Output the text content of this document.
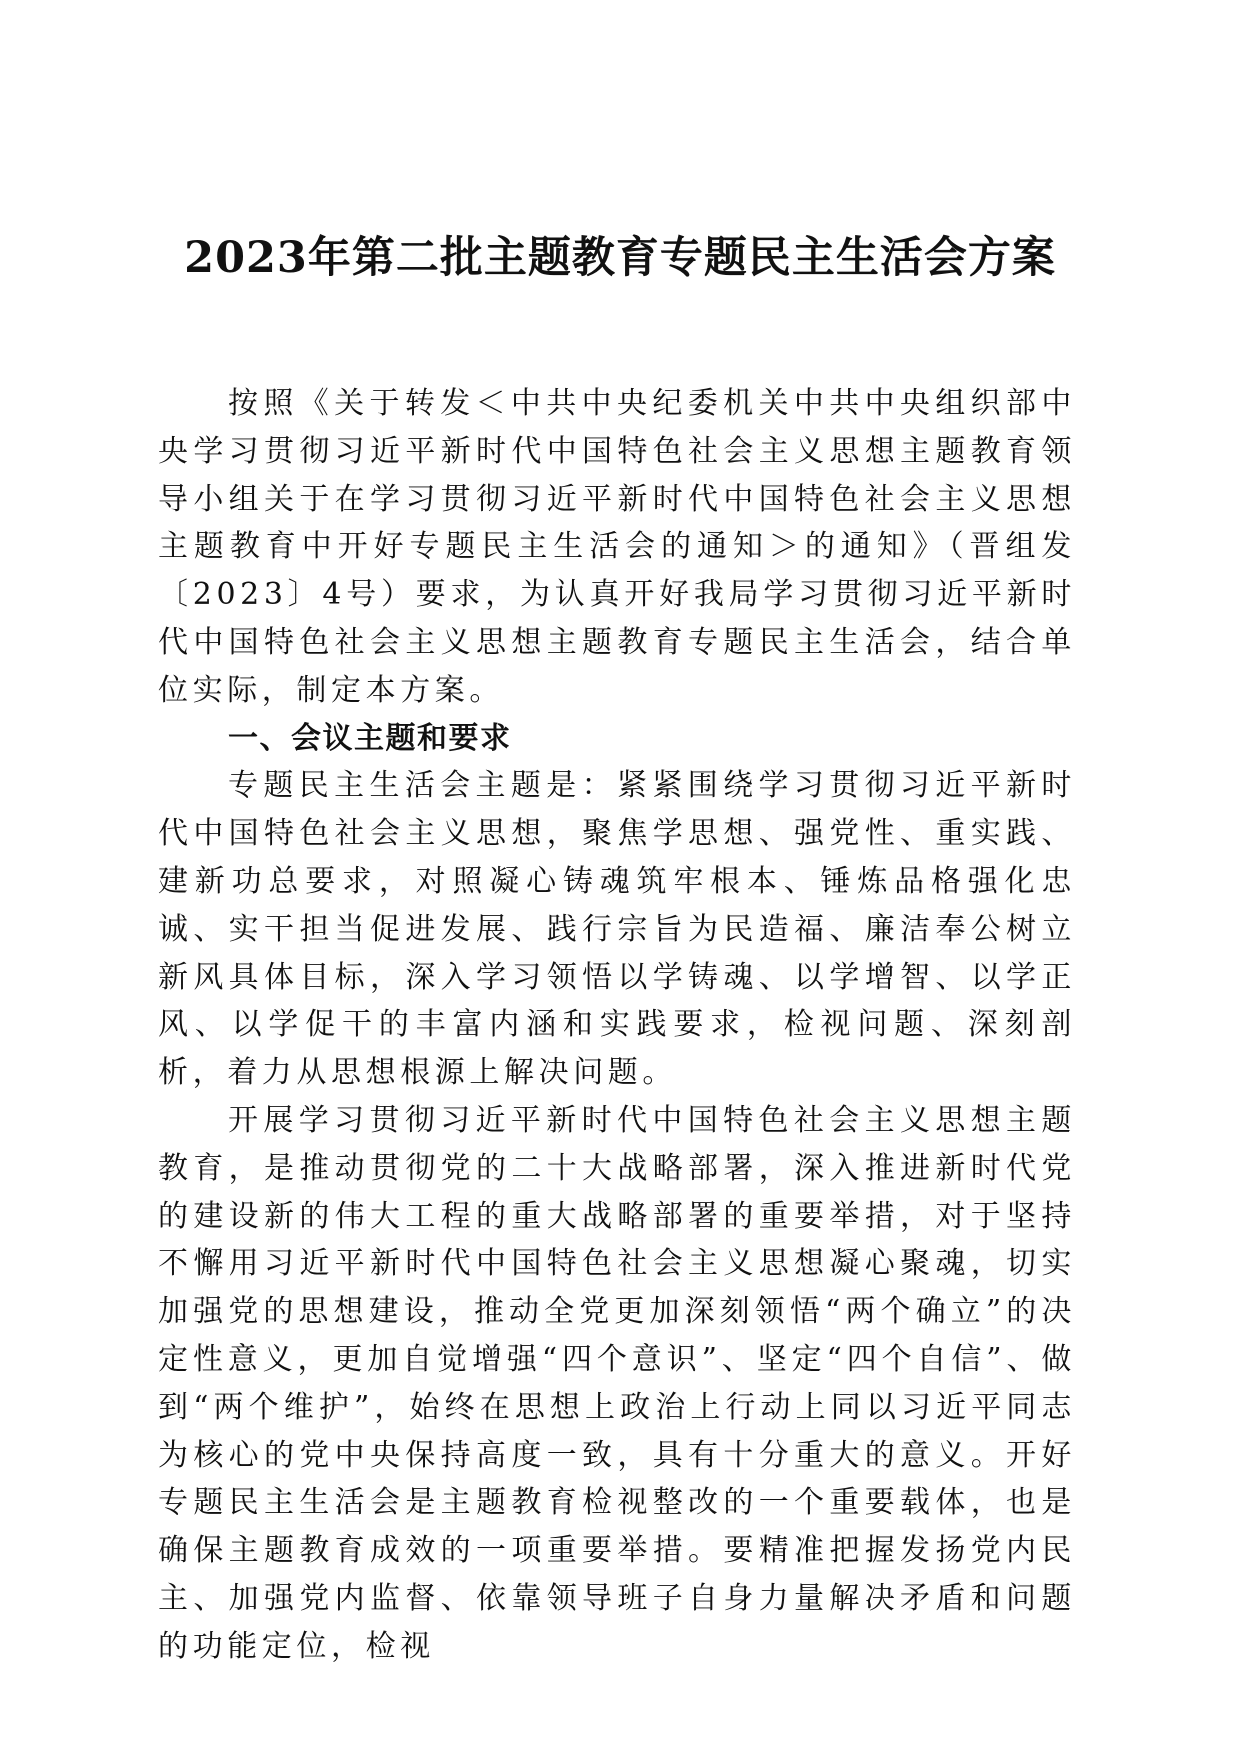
2023年第二批主题教育专题民主生活会方案

按照《关于转发＜中共中央纪委机关中共中央组织部中央学习贯彻习近平新时代中国特色社会主义思想主题教育领导小组关于在学习贯彻习近平新时代中国特色社会主义思想主题教育中开好专题民主生活会的通知＞的通知》（晋组发〔2023〕4号）要求，为认真开好我局学习贯彻习近平新时代中国特色社会主义思想主题教育专题民主生活会，结合单位实际，制定本方案。

一、会议主题和要求

专题民主生活会主题是：紧紧围绕学习贯彻习近平新时代中国特色社会主义思想，聚焦学思想、强党性、重实践、建新功总要求，对照凝心铸魂筑牢根本、锤炼品格强化忠诚、实干担当促进发展、践行宗旨为民造福、廉洁奉公树立新风具体目标，深入学习领悟以学铸魂、以学增智、以学正风、以学促干的丰富内涵和实践要求，检视问题、深刻剖析，着力从思想根源上解决问题。

开展学习贯彻习近平新时代中国特色社会主义思想主题教育，是推动贯彻党的二十大战略部署，深入推进新时代党的建设新的伟大工程的重大战略部署的重要举措，对于坚持不懈用习近平新时代中国特色社会主义思想凝心聚魂，切实加强党的思想建设，推动全党更加深刻领悟“两个确立”的决定性意义，更加自觉增强“四个意识”、坚定“四个自信”、做到“两个维护”，始终在思想上政治上行动上同以习近平同志为核心的党中央保持高度一致，具有十分重大的意义。开好专题民主生活会是主题教育检视整改的一个重要载体，也是确保主题教育成效的一项重要举措。要精准把握发扬党内民主、加强党内监督、依靠领导班子自身力量解决矛盾和问题的功能定位，检视
